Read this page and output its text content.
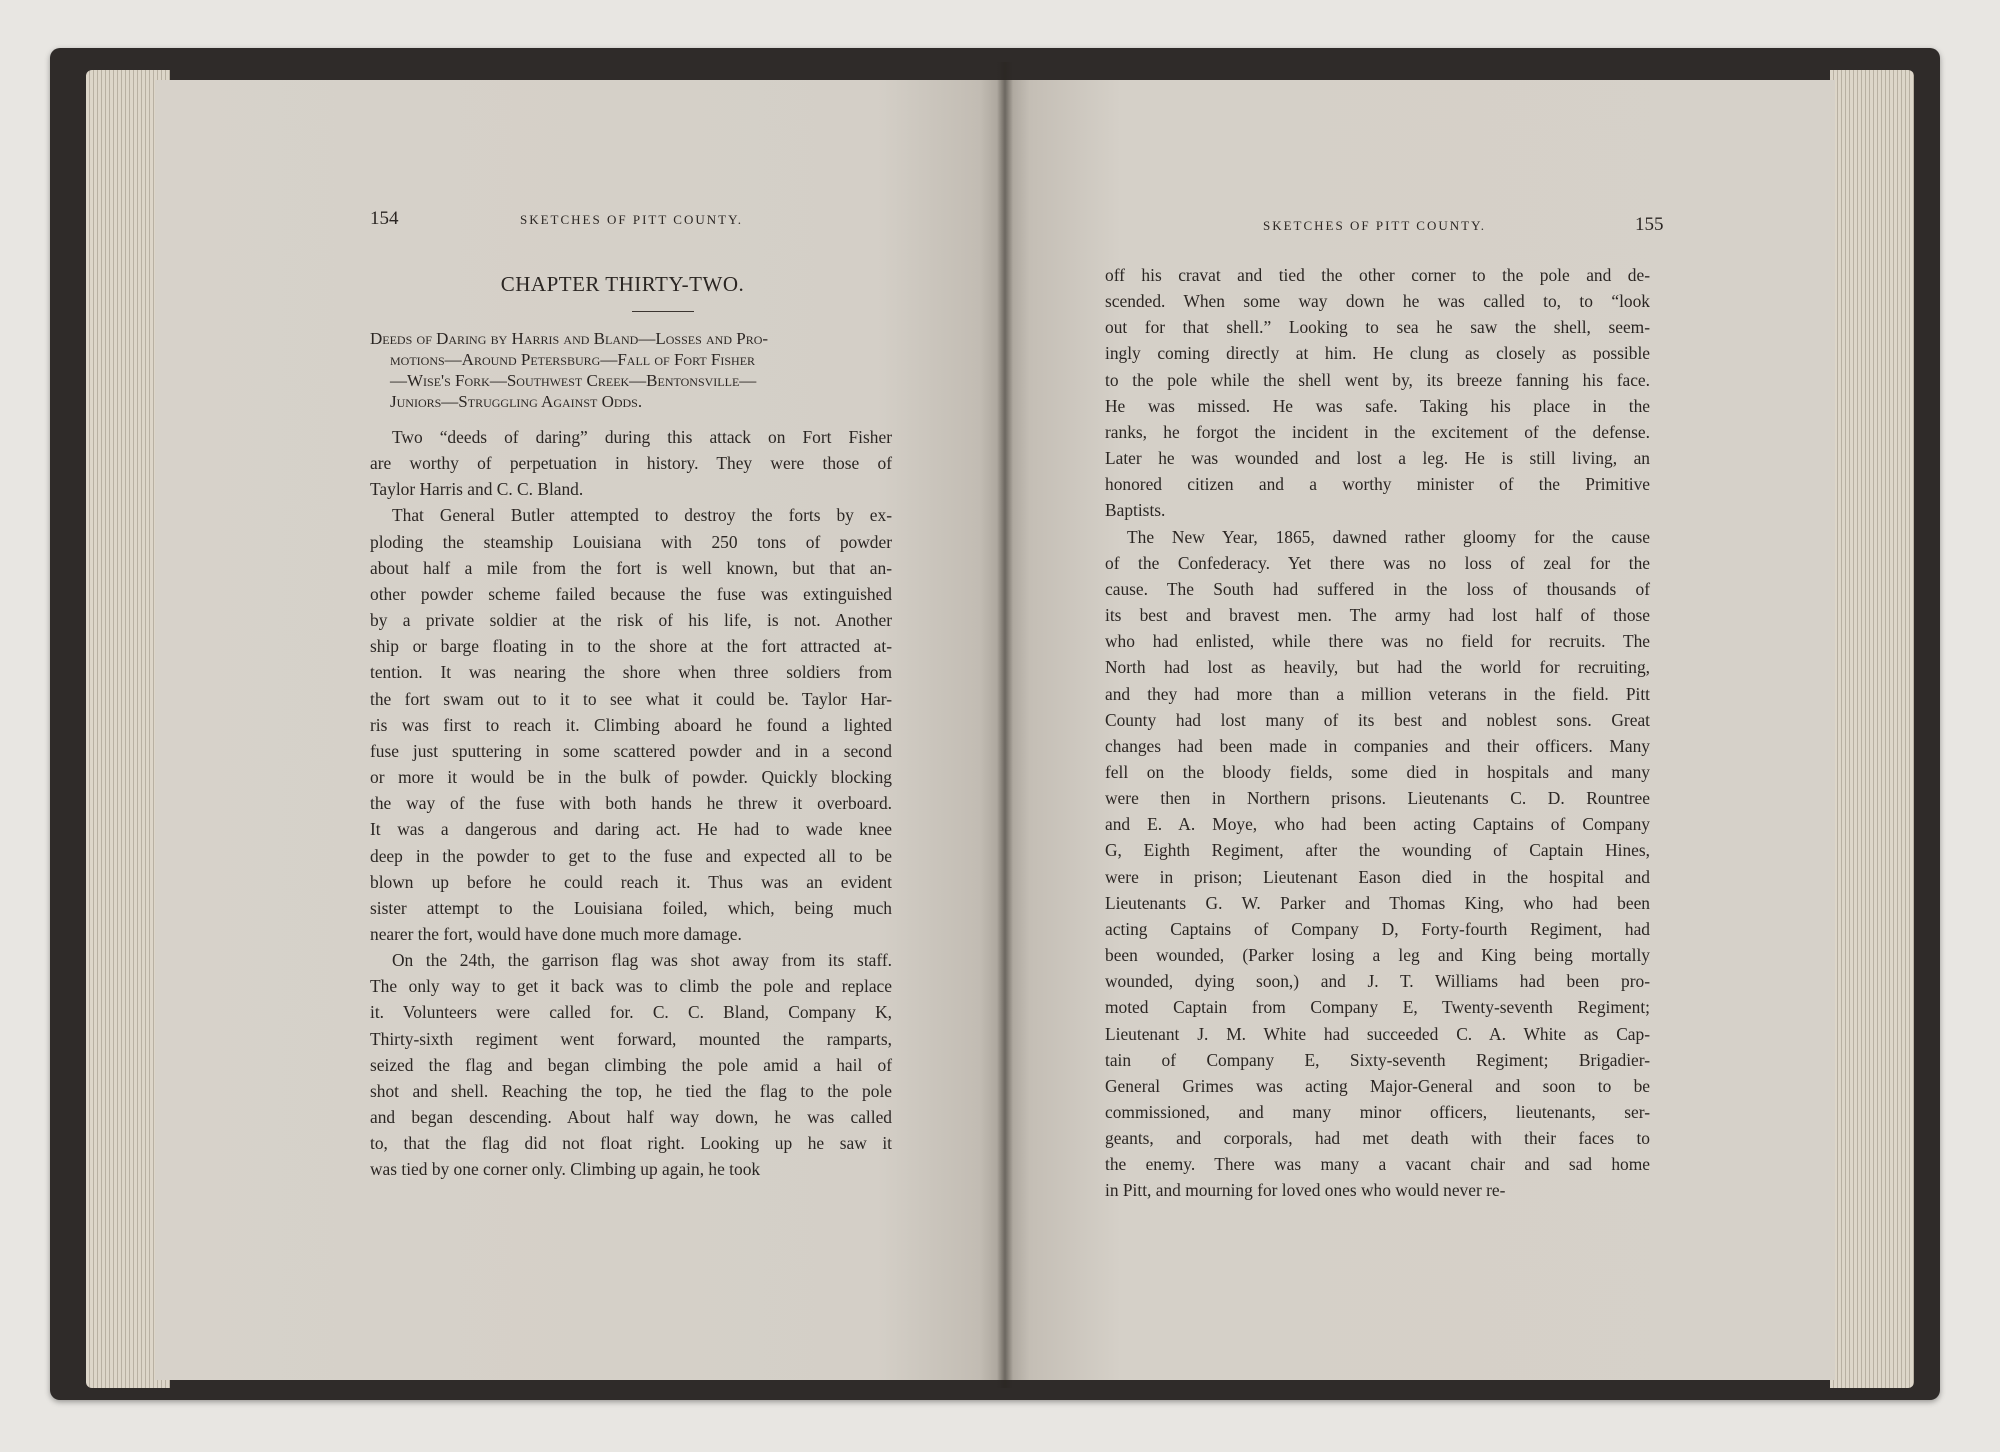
154	SKETCHES OF PITT COUNTY.
CHAPTER THIRTY-TWO.
Deeds of Daring by Harris and Bland—Losses and Pro-
motions—Around Petersburg—Fall of Fort Fisher
—Wise's Fork—Southwest Creek—Bentonsville—
Juniors—Struggling Against Odds.
Two “deeds of daring” during this attack on Fort Fisher
are worthy of perpetuation in history. They were those of
Taylor Harris and C. C. Bland.
That General Butler attempted to destroy the forts by ex-
ploding the steamship Louisiana with 250 tons of powder
about half a mile from the fort is well known, but that an-
other powder scheme failed because the fuse was extinguished
by a private soldier at the risk of his life, is not. Another
ship or barge floating in to the shore at the fort attracted at-
tention. It was nearing the shore when three soldiers from
the fort swam out to it to see what it could be. Taylor Har-
ris was first to reach it. Climbing aboard he found a lighted
fuse just sputtering in some scattered powder and in a second
or more it would be in the bulk of powder. Quickly blocking
the way of the fuse with both hands he threw it overboard.
It was a dangerous and daring act. He had to wade knee
deep in the powder to get to the fuse and expected all to be
blown up before he could reach it. Thus was an evident
sister attempt to the Louisiana foiled, which, being much
nearer the fort, would have done much more damage.
On the 24th, the garrison flag was shot away from its staff.
The only way to get it back was to climb the pole and replace
it. Volunteers were called for. C. C. Bland, Company K,
Thirty-sixth regiment went forward, mounted the ramparts,
seized the flag and began climbing the pole amid a hail of
shot and shell. Reaching the top, he tied the flag to the pole
and began descending. About half way down, he was called
to, that the flag did not float right. Looking up he saw it
was tied by one corner only. Climbing up again, he took
SKETCHES OF PITT COUNTY.	155
off his cravat and tied the other corner to the pole and de-
scended. When some way down he was called to, to “look
out for that shell.” Looking to sea he saw the shell, seem-
ingly coming directly at him. He clung as closely as possible
to the pole while the shell went by, its breeze fanning his face.
He was missed. He was safe. Taking his place in the
ranks, he forgot the incident in the excitement of the defense.
Later he was wounded and lost a leg. He is still living, an
honored citizen and a worthy minister of the Primitive
Baptists.
The New Year, 1865, dawned rather gloomy for the cause
of the Confederacy. Yet there was no loss of zeal for the
cause. The South had suffered in the loss of thousands of
its best and bravest men. The army had lost half of those
who had enlisted, while there was no field for recruits. The
North had lost as heavily, but had the world for recruiting,
and they had more than a million veterans in the field. Pitt
County had lost many of its best and noblest sons. Great
changes had been made in companies and their officers. Many
fell on the bloody fields, some died in hospitals and many
were then in Northern prisons. Lieutenants C. D. Rountree
and E. A. Moye, who had been acting Captains of Company
G, Eighth Regiment, after the wounding of Captain Hines,
were in prison; Lieutenant Eason died in the hospital and
Lieutenants G. W. Parker and Thomas King, who had been
acting Captains of Company D, Forty-fourth Regiment, had
been wounded, (Parker losing a leg and King being mortally
wounded, dying soon,) and J. T. Williams had been pro-
moted Captain from Company E, Twenty-seventh Regiment;
Lieutenant J. M. White had succeeded C. A. White as Cap-
tain of Company E, Sixty-seventh Regiment; Brigadier-
General Grimes was acting Major-General and soon to be
commissioned, and many minor officers, lieutenants, ser-
geants, and corporals, had met death with their faces to
the enemy. There was many a vacant chair and sad home
in Pitt, and mourning for loved ones who would never re-
